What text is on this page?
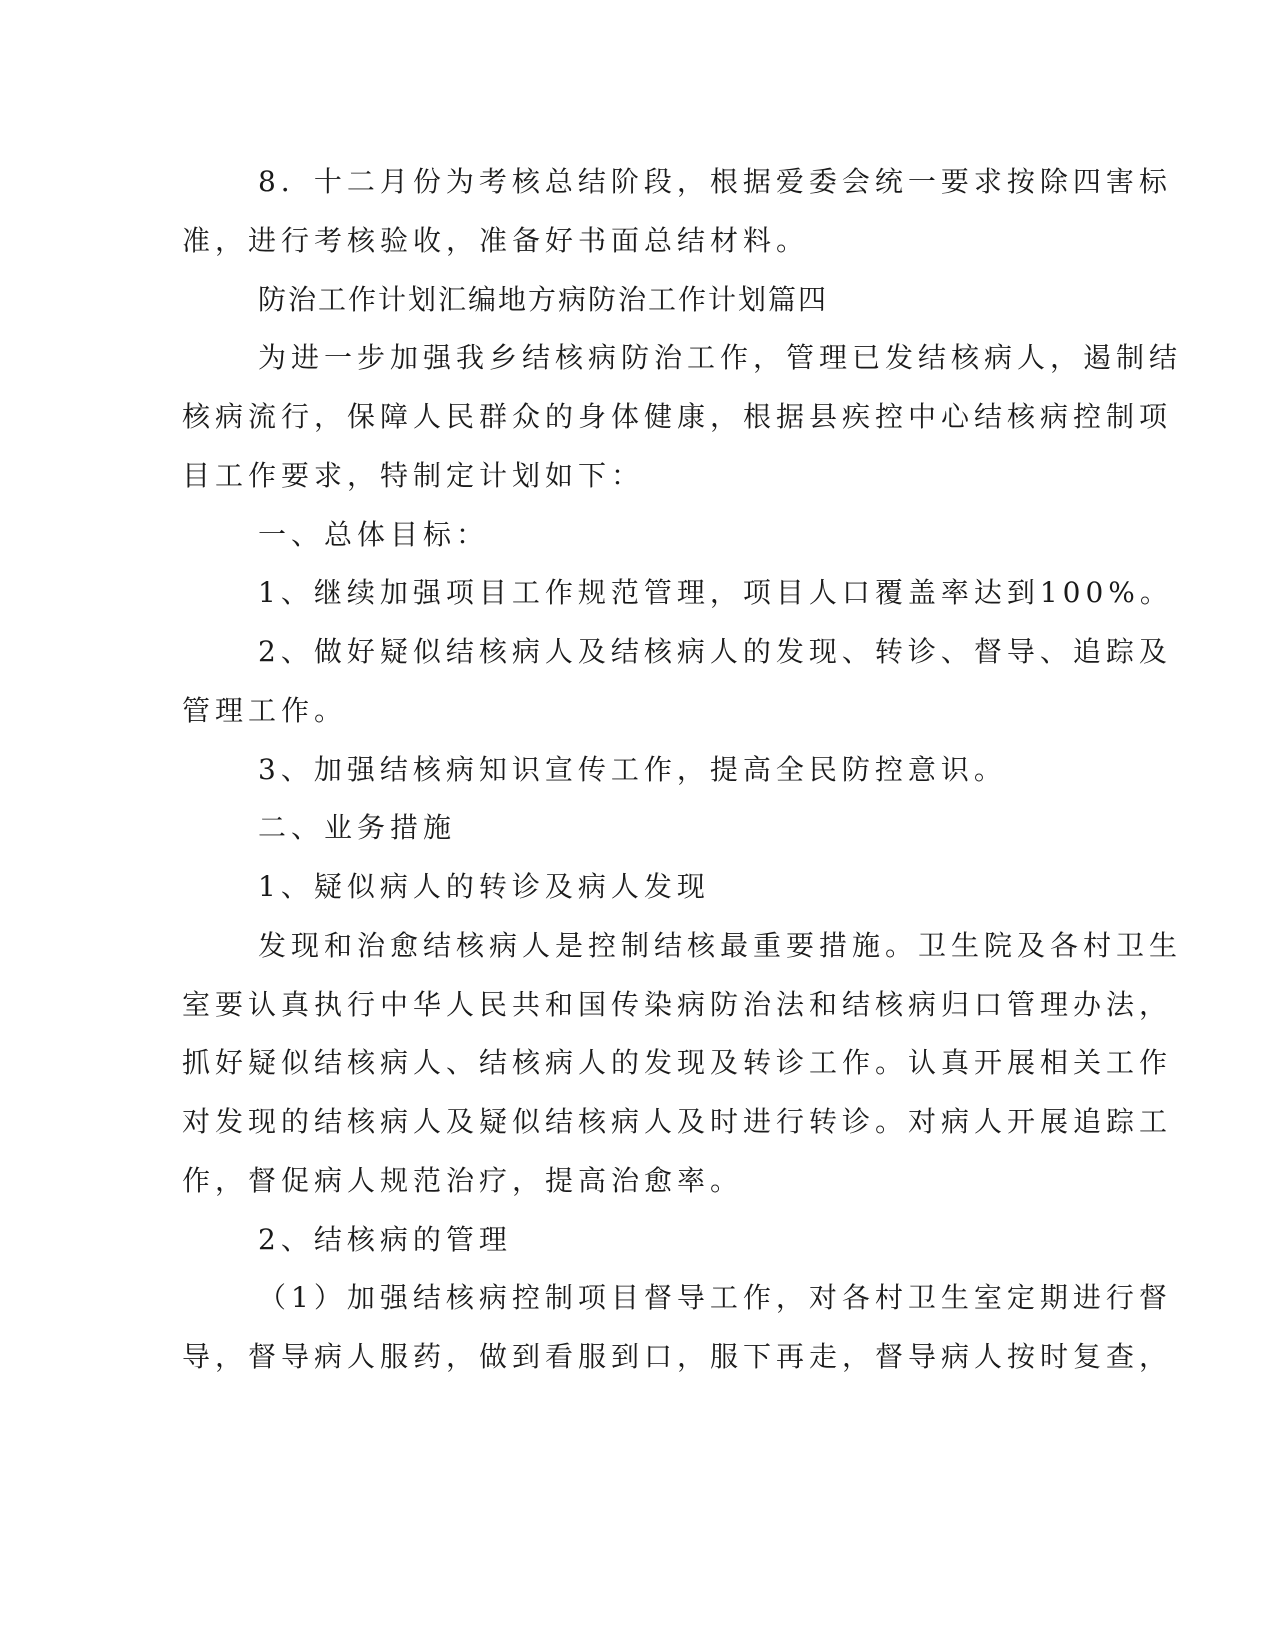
8．十二月份为考核总结阶段，根据爱委会统一要求按除四害标
准，进行考核验收，准备好书面总结材料。
防治工作计划汇编地方病防治工作计划篇四
为进一步加强我乡结核病防治工作，管理已发结核病人，遏制结
核病流行，保障人民群众的身体健康，根据县疾控中心结核病控制项
目工作要求，特制定计划如下：
一、总体目标：
1、继续加强项目工作规范管理，项目人口覆盖率达到100%。
2、做好疑似结核病人及结核病人的发现、转诊、督导、追踪及
管理工作。
3、加强结核病知识宣传工作，提高全民防控意识。
二、业务措施
1、疑似病人的转诊及病人发现
发现和治愈结核病人是控制结核最重要措施。卫生院及各村卫生
室要认真执行中华人民共和国传染病防治法和结核病归口管理办法，
抓好疑似结核病人、结核病人的发现及转诊工作。认真开展相关工作
对发现的结核病人及疑似结核病人及时进行转诊。对病人开展追踪工
作，督促病人规范治疗，提高治愈率。
2、结核病的管理
（1）加强结核病控制项目督导工作，对各村卫生室定期进行督
导，督导病人服药，做到看服到口，服下再走，督导病人按时复查，
